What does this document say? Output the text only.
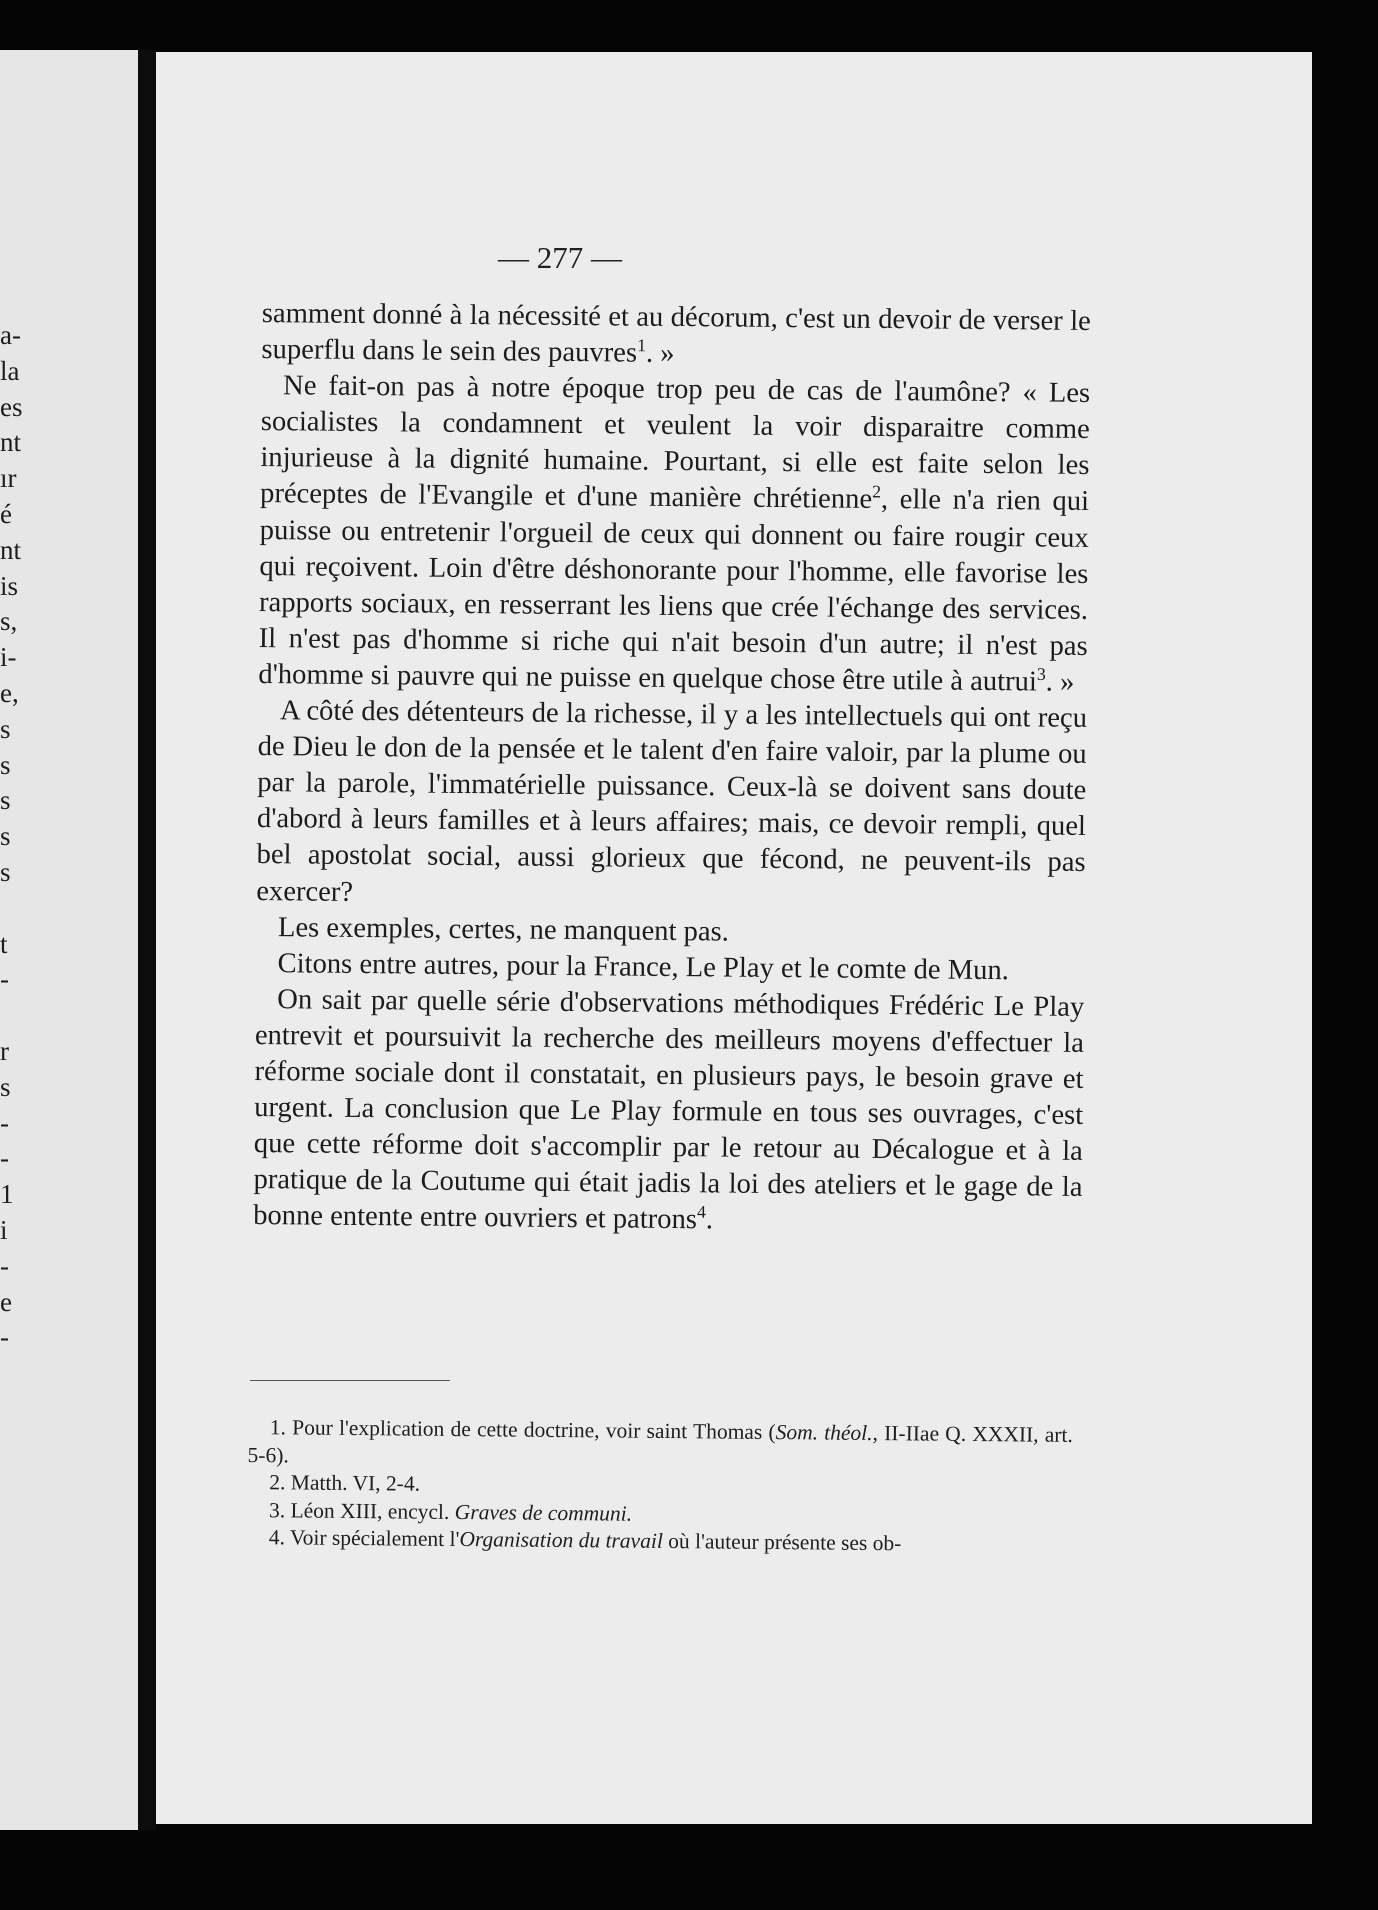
a-
la
es
nt
ır
é
nt
is
s,
i-
e,
s
s
s
s
s

t
-

r
s
-
-
1
i
-
e
-

— 277 —

samment donné à la nécessité et au décorum, c'est un devoir de verser le superflu dans le sein des pauvres$^1$. »

Ne fait-on pas à notre époque trop peu de cas de l'aumône? « Les socialistes la condamnent et veulent la voir disparaitre comme injurieuse à la dignité humaine. Pourtant, si elle est faite selon les préceptes de l'Evangile et d'une manière chrétienne$^2$, elle n'a rien qui puisse ou entretenir l'orgueil de ceux qui donnent ou faire rougir ceux qui reçoivent. Loin d'être déshonorante pour l'homme, elle favorise les rapports sociaux, en resserrant les liens que crée l'échange des services. Il n'est pas d'homme si riche qui n'ait besoin d'un autre; il n'est pas d'homme si pauvre qui ne puisse en quelque chose être utile à autrui$^3$. »

A côté des détenteurs de la richesse, il y a les intellectuels qui ont reçu de Dieu le don de la pensée et le talent d'en faire valoir, par la plume ou par la parole, l'immatérielle puissance. Ceux-là se doivent sans doute d'abord à leurs familles et à leurs affaires; mais, ce devoir rempli, quel bel apostolat social, aussi glorieux que fécond, ne peuvent-ils pas exercer?

Les exemples, certes, ne manquent pas.

Citons entre autres, pour la France, Le Play et le comte de Mun.

On sait par quelle série d'observations méthodiques Frédéric Le Play entrevit et poursuivit la recherche des meilleurs moyens d'effectuer la réforme sociale dont il constatait, en plusieurs pays, le besoin grave et urgent. La conclusion que Le Play formule en tous ses ouvrages, c'est que cette réforme doit s'accomplir par le retour au Décalogue et à la pratique de la Coutume qui était jadis la loi des ateliers et le gage de la bonne entente entre ouvriers et patrons$^4$.

1. Pour l'explication de cette doctrine, voir saint Thomas (Som. théol., II-IIae Q. XXXII, art. 5-6).

2. Matth. VI, 2-4.

3. Léon XIII, encycl. Graves de communi.

4. Voir spécialement l'Organisation du travail où l'auteur présente ses ob-
